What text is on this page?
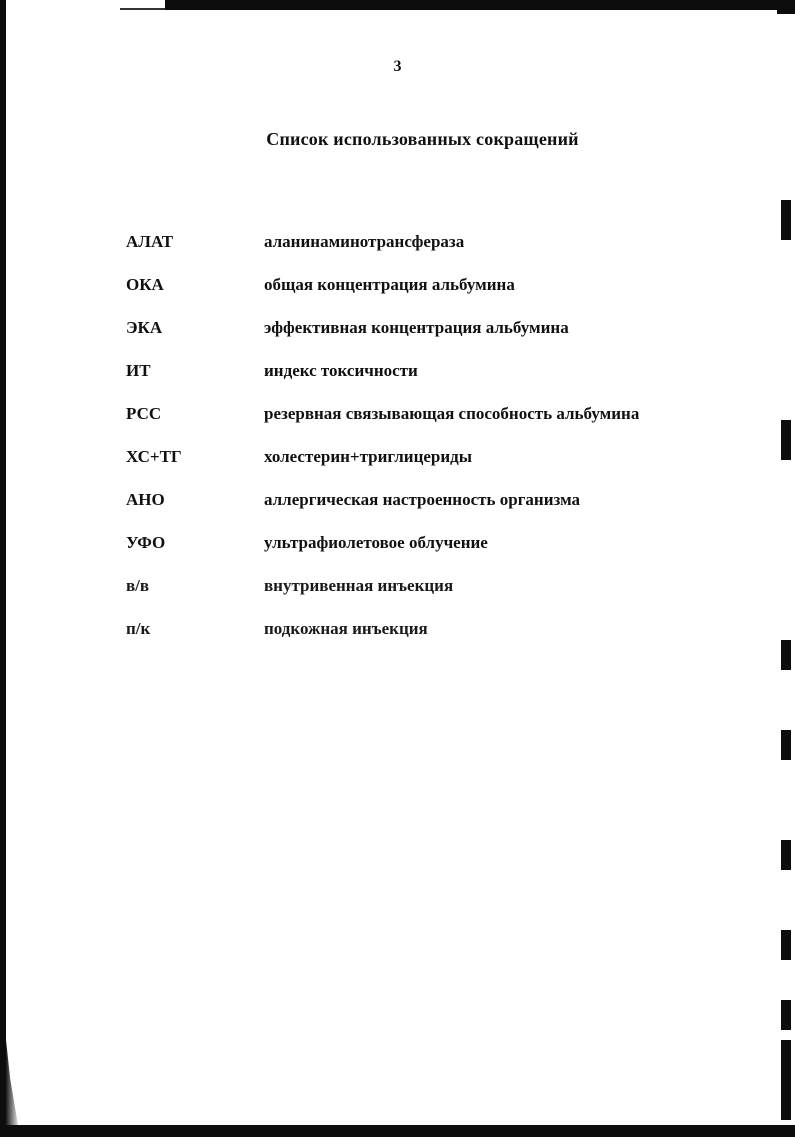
3
Список использованных сокращений
АЛАТ	аланинаминотрансфераза
ОКА	общая концентрация альбумина
ЭКА	эффективная концентрация альбумина
ИТ	индекс токсичности
РСС	резервная связывающая способность альбумина
ХС+ТГ	холестерин+триглицериды
АНО	аллергическая настроенность организма
УФО	ультрафиолетовое облучение
в/в	внутривенная инъекция
п/к	подкожная инъекция
